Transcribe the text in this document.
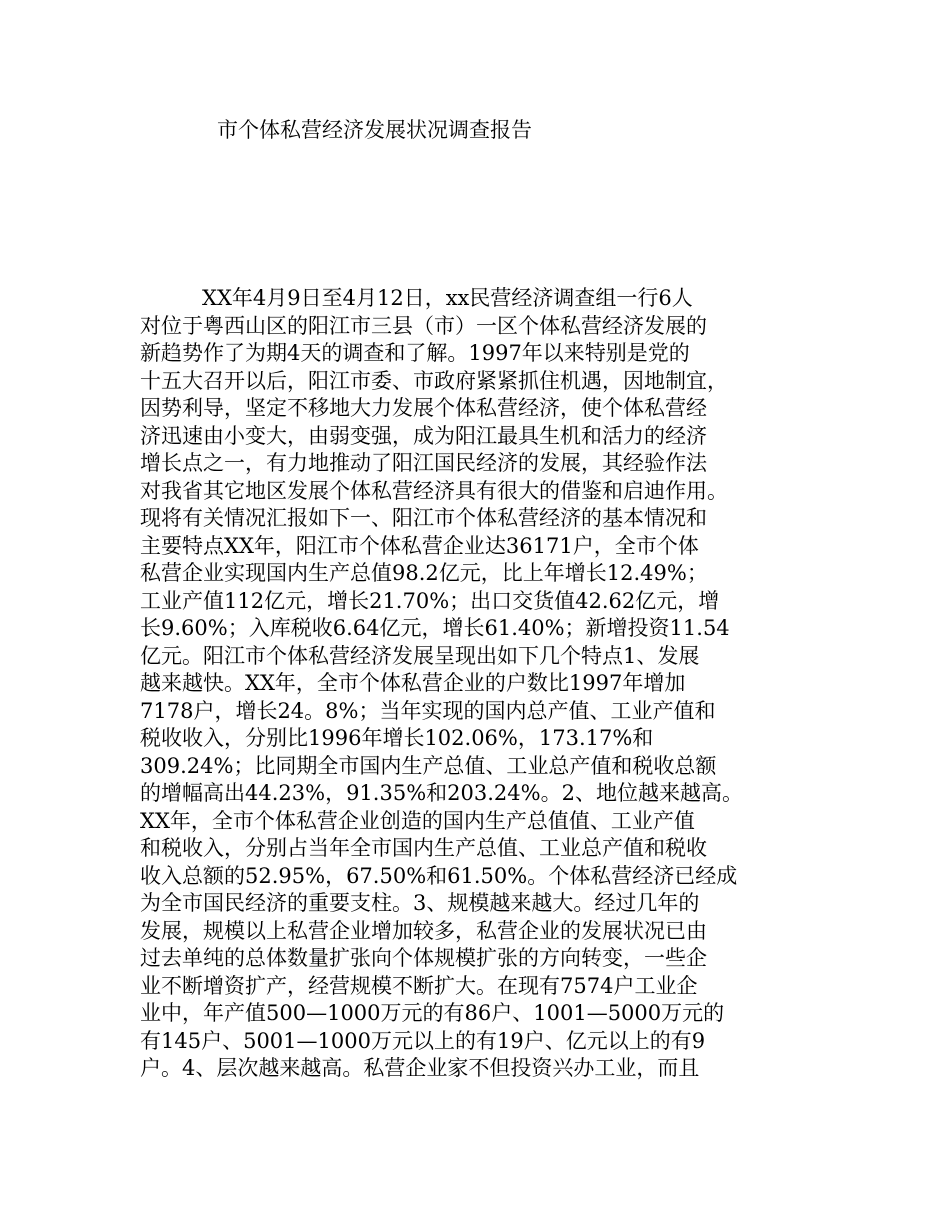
市个体私营经济发展状况调查报告
XX年4月9日至4月12日，xx民营经济调查组一行6人
对位于粤西山区的阳江市三县（市）一区个体私营经济发展的
新趋势作了为期4天的调查和了解。1997年以来特别是党的
十五大召开以后，阳江市委、市政府紧紧抓住机遇，因地制宜，
因势利导，坚定不移地大力发展个体私营经济，使个体私营经
济迅速由小变大，由弱变强，成为阳江最具生机和活力的经济
增长点之一，有力地推动了阳江国民经济的发展，其经验作法
对我省其它地区发展个体私营经济具有很大的借鉴和启迪作用。
现将有关情况汇报如下一、阳江市个体私营经济的基本情况和
主要特点XX年，阳江市个体私营企业达36171户，全市个体
私营企业实现国内生产总值98.2亿元，比上年增长12.49%；
工业产值112亿元，增长21.70%；出口交货值42.62亿元，增
长9.60%；入库税收6.64亿元，增长61.40%；新增投资11.54
亿元。阳江市个体私营经济发展呈现出如下几个特点1、发展
越来越快。XX年，全市个体私营企业的户数比1997年增加
7178户，增长24。8%；当年实现的国内总产值、工业产值和
税收收入，分别比1996年增长102.06%，173.17%和
309.24%；比同期全市国内生产总值、工业总产值和税收总额
的增幅高出44.23%，91.35%和203.24%。2、地位越来越高。
XX年，全市个体私营企业创造的国内生产总值值、工业产值
和税收入，分别占当年全市国内生产总值、工业总产值和税收
收入总额的52.95%，67.50%和61.50%。个体私营经济已经成
为全市国民经济的重要支柱。3、规模越来越大。经过几年的
发展，规模以上私营企业增加较多，私营企业的发展状况已由
过去单纯的总体数量扩张向个体规模扩张的方向转变，一些企
业不断增资扩产，经营规模不断扩大。在现有7574户工业企
业中，年产值500—1000万元的有86户、1001—5000万元的
有145户、5001—1000万元以上的有19户、亿元以上的有9
户。4、层次越来越高。私营企业家不但投资兴办工业，而且
